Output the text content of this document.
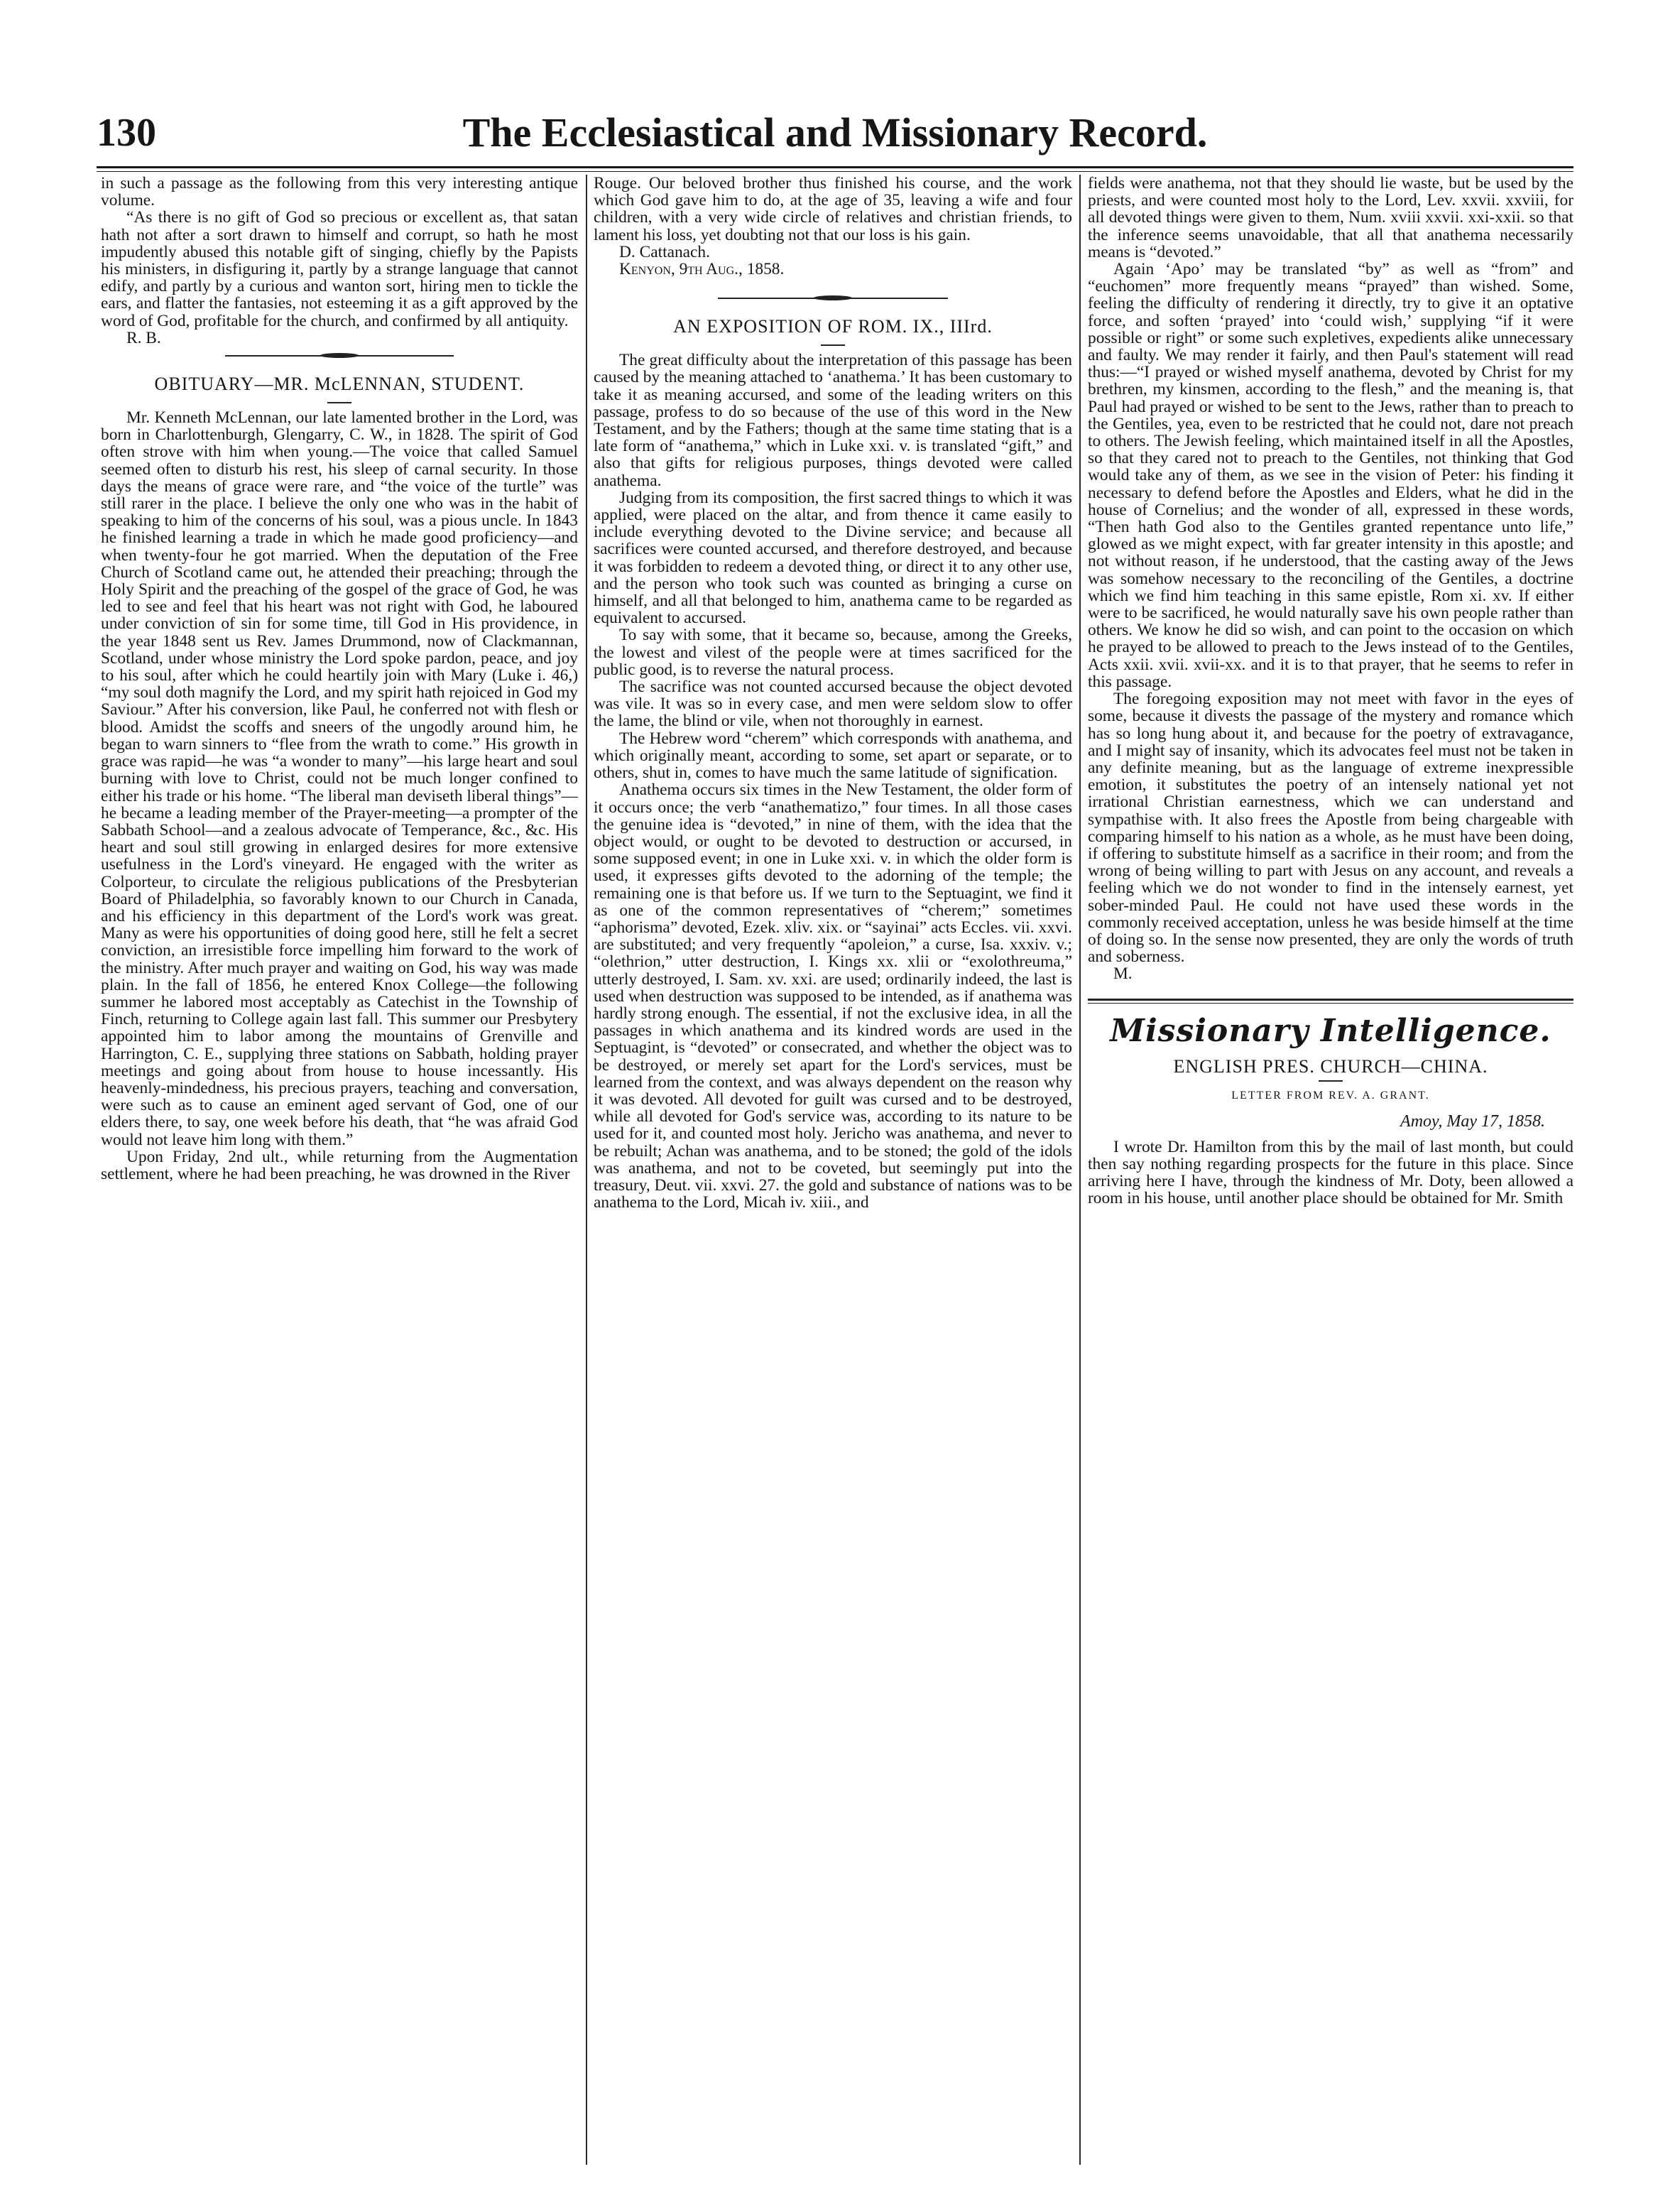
130	The Ecclesiastical and Missionary Record.

in such a passage as the following from this very interesting antique volume.

“As there is no gift of God so precious or excellent as, that satan hath not after a sort drawn to himself and corrupt, so hath he most impudently abused this notable gift of singing, chiefly by the Papists his ministers, in disfiguring it, partly by a strange language that cannot edify, and partly by a curious and wanton sort, hiring men to tickle the ears, and flatter the fantasies, not esteeming it as a gift approved by the word of God, profitable for the church, and confirmed by all antiquity.

R. B.

OBITUARY—MR. McLENNAN, STUDENT.

Mr. Kenneth McLennan, our late lamented brother in the Lord, was born in Charlottenburgh, Glengarry, C. W., in 1828. The spirit of God often strove with him when young.—The voice that called Samuel seemed often to disturb his rest, his sleep of carnal security. In those days the means of grace were rare, and “the voice of the turtle” was still rarer in the place. I believe the only one who was in the habit of speaking to him of the concerns of his soul, was a pious uncle. In 1843 he finished learning a trade in which he made good proficiency—and when twenty-four he got married. When the deputation of the Free Church of Scotland came out, he attended their preaching; through the Holy Spirit and the preaching of the gospel of the grace of God, he was led to see and feel that his heart was not right with God, he laboured under conviction of sin for some time, till God in His providence, in the year 1848 sent us Rev. James Drummond, now of Clackmannan, Scotland, under whose ministry the Lord spoke pardon, peace, and joy to his soul, after which he could heartily join with Mary (Luke i. 46,) “my soul doth magnify the Lord, and my spirit hath rejoiced in God my Saviour.” After his conversion, like Paul, he conferred not with flesh or blood. Amidst the scoffs and sneers of the ungodly around him, he began to warn sinners to “flee from the wrath to come.” His growth in grace was rapid—he was “a wonder to many”—his large heart and soul burning with love to Christ, could not be much longer confined to either his trade or his home. “The liberal man deviseth liberal things”—he became a leading member of the Prayer-meeting—a prompter of the Sabbath School—and a zealous advocate of Temperance, &c., &c. His heart and soul still growing in enlarged desires for more extensive usefulness in the Lord's vineyard. He engaged with the writer as Colporteur, to circulate the religious publications of the Presbyterian Board of Philadelphia, so favorably known to our Church in Canada, and his efficiency in this department of the Lord's work was great. Many as were his opportunities of doing good here, still he felt a secret conviction, an irresistible force impelling him forward to the work of the ministry. After much prayer and waiting on God, his way was made plain. In the fall of 1856, he entered Knox College—the following summer he labored most acceptably as Catechist in the Township of Finch, returning to College again last fall. This summer our Presbytery appointed him to labor among the mountains of Grenville and Harrington, C. E., supplying three stations on Sabbath, holding prayer meetings and going about from house to house incessantly. His heavenly-mindedness, his precious prayers, teaching and conversation, were such as to cause an eminent aged servant of God, one of our elders there, to say, one week before his death, that “he was afraid God would not leave him long with them.”

Upon Friday, 2nd ult., while returning from the Augmentation settlement, where he had been preaching, he was drowned in the River

Rouge. Our beloved brother thus finished his course, and the work which God gave him to do, at the age of 35, leaving a wife and four children, with a very wide circle of relatives and christian friends, to lament his loss, yet doubting not that our loss is his gain.

D. Cattanach.

Kenyon, 9th Aug., 1858.

AN EXPOSITION OF ROM. IX., IIIrd.

The great difficulty about the interpretation of this passage has been caused by the meaning attached to ‘anathema.’ It has been customary to take it as meaning accursed, and some of the leading writers on this passage, profess to do so because of the use of this word in the New Testament, and by the Fathers; though at the same time stating that is a late form of “anathema,” which in Luke xxi. v. is translated “gift,” and also that gifts for religious purposes, things devoted were called anathema.

Judging from its composition, the first sacred things to which it was applied, were placed on the altar, and from thence it came easily to include everything devoted to the Divine service; and because all sacrifices were counted accursed, and therefore destroyed, and because it was forbidden to redeem a devoted thing, or direct it to any other use, and the person who took such was counted as bringing a curse on himself, and all that belonged to him, anathema came to be regarded as equivalent to accursed.

To say with some, that it became so, because, among the Greeks, the lowest and vilest of the people were at times sacrificed for the public good, is to reverse the natural process.

The sacrifice was not counted accursed because the object devoted was vile. It was so in every case, and men were seldom slow to offer the lame, the blind or vile, when not thoroughly in earnest.

The Hebrew word “cherem” which corresponds with anathema, and which originally meant, according to some, set apart or separate, or to others, shut in, comes to have much the same latitude of signification.

Anathema occurs six times in the New Testament, the older form of it occurs once; the verb “anathematizo,” four times. In all those cases the genuine idea is “devoted,” in nine of them, with the idea that the object would, or ought to be devoted to destruction or accursed, in some supposed event; in one in Luke xxi. v. in which the older form is used, it expresses gifts devoted to the adorning of the temple; the remaining one is that before us. If we turn to the Septuagint, we find it as one of the common representatives of “cherem;” sometimes “aphorisma” devoted, Ezek. xliv. xix. or “sayinai” acts Eccles. vii. xxvi. are substituted; and very frequently “apoleion,” a curse, Isa. xxxiv. v.; “olethrion,” utter destruction, I. Kings xx. xlii or “exolothreuma,” utterly destroyed, I. Sam. xv. xxi. are used; ordinarily indeed, the last is used when destruction was supposed to be intended, as if anathema was hardly strong enough. The essential, if not the exclusive idea, in all the passages in which anathema and its kindred words are used in the Septuagint, is “devoted” or consecrated, and whether the object was to be destroyed, or merely set apart for the Lord's services, must be learned from the context, and was always dependent on the reason why it was devoted. All devoted for guilt was cursed and to be destroyed, while all devoted for God's service was, according to its nature to be used for it, and counted most holy. Jericho was anathema, and never to be rebuilt; Achan was anathema, and to be stoned; the gold of the idols was anathema, and not to be coveted, but seemingly put into the treasury, Deut. vii. xxvi. 27. the gold and substance of nations was to be anathema to the Lord, Micah iv. xiii., and

fields were anathema, not that they should lie waste, but be used by the priests, and were counted most holy to the Lord, Lev. xxvii. xxviii, for all devoted things were given to them, Num. xviii xxvii. xxi-xxii. so that the inference seems unavoidable, that all that anathema necessarily means is “devoted.”

Again ‘Apo’ may be translated “by” as well as “from” and “euchomen” more frequently means “prayed” than wished. Some, feeling the difficulty of rendering it directly, try to give it an optative force, and soften ‘prayed’ into ‘could wish,’ supplying “if it were possible or right” or some such expletives, expedients alike unnecessary and faulty. We may render it fairly, and then Paul's statement will read thus:—“I prayed or wished myself anathema, devoted by Christ for my brethren, my kinsmen, according to the flesh,” and the meaning is, that Paul had prayed or wished to be sent to the Jews, rather than to preach to the Gentiles, yea, even to be restricted that he could not, dare not preach to others. The Jewish feeling, which maintained itself in all the Apostles, so that they cared not to preach to the Gentiles, not thinking that God would take any of them, as we see in the vision of Peter: his finding it necessary to defend before the Apostles and Elders, what he did in the house of Cornelius; and the wonder of all, expressed in these words, “Then hath God also to the Gentiles granted repentance unto life,” glowed as we might expect, with far greater intensity in this apostle; and not without reason, if he understood, that the casting away of the Jews was somehow necessary to the reconciling of the Gentiles, a doctrine which we find him teaching in this same epistle, Rom xi. xv. If either were to be sacrificed, he would naturally save his own people rather than others. We know he did so wish, and can point to the occasion on which he prayed to be allowed to preach to the Jews instead of to the Gentiles, Acts xxii. xvii. xvii-xx. and it is to that prayer, that he seems to refer in this passage.

The foregoing exposition may not meet with favor in the eyes of some, because it divests the passage of the mystery and romance which has so long hung about it, and because for the poetry of extravagance, and I might say of insanity, which its advocates feel must not be taken in any definite meaning, but as the language of extreme inexpressible emotion, it substitutes the poetry of an intensely national yet not irrational Christian earnestness, which we can understand and sympathise with. It also frees the Apostle from being chargeable with comparing himself to his nation as a whole, as he must have been doing, if offering to substitute himself as a sacrifice in their room; and from the wrong of being willing to part with Jesus on any account, and reveals a feeling which we do not wonder to find in the intensely earnest, yet sober-minded Paul. He could not have used these words in the commonly received acceptation, unless he was beside himself at the time of doing so. In the sense now presented, they are only the words of truth and soberness.

M.

Missionary Intelligence.
ENGLISH PRES. CHURCH—CHINA.
LETTER FROM REV. A. GRANT.
Amoy, May 17, 1858.

I wrote Dr. Hamilton from this by the mail of last month, but could then say nothing regarding prospects for the future in this place. Since arriving here I have, through the kindness of Mr. Doty, been allowed a room in his house, until another place should be obtained for Mr. Smith
